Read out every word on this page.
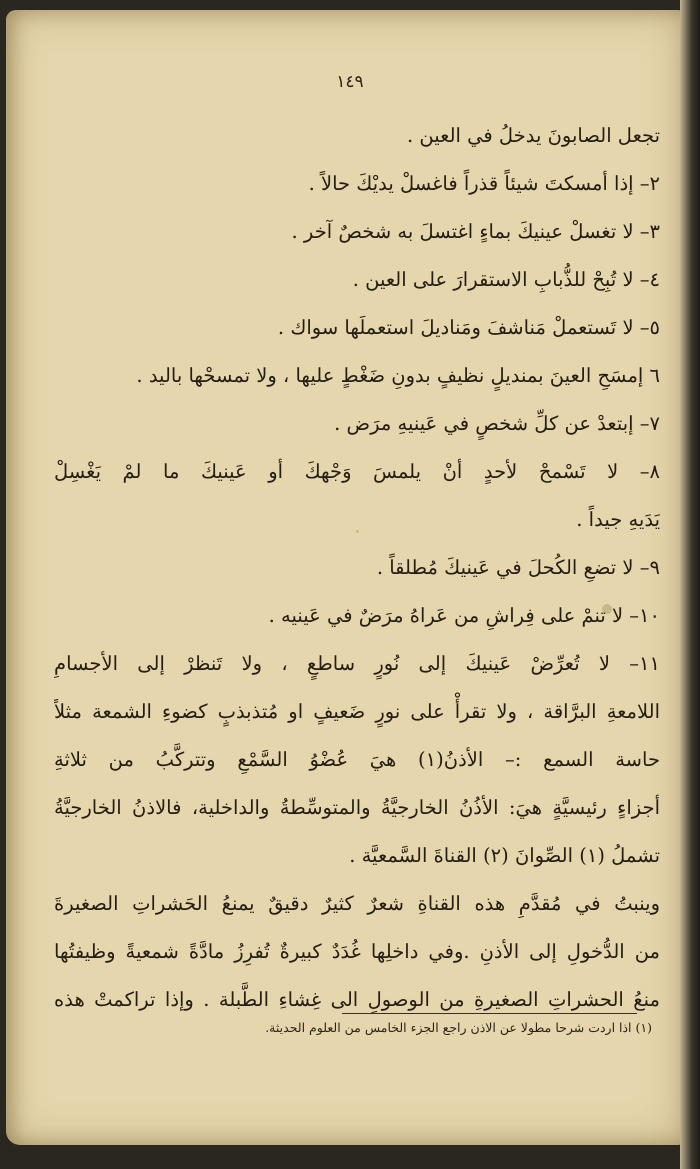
١٤٩
تجعل الصابونَ يدخلُ في العين .
٢– إذا أمسكتَ شيئاً قذراً فاغسلْ يديْكَ حالاً .
٣– لا تغسلْ عينيكَ بماءٍ اغتسلَ به شخصٌ آخر .
٤– لا تُبِحْ للذُّبابِ الاستقرارَ على العين .
٥– لا تَستعملْ مَناشفَ ومَناديلَ استعملَها سواك .
٦ إمسَحِ العينَ بمنديلٍ نظيفٍ بدونِ ضَغْطٍ عليها ، ولا تمسحْها باليد .
٧– إبتعدْ عن كلِّ شخصٍ في عَينيهِ مرَض .
٨– لا تَسْمحْ لأحدٍ أنْ يلمسَ وَجْهكَ أو عَينيكَ ما لمْ يَغْسِلْ
يَدَيهِ جيداً .
٩– لا تضعِ الكُحلَ في عَينيكَ مُطلقاً .
١٠– لا تنمْ على فِراشِ من عَراهُ مرَضٌ في عَينيه .
١١– لا تُعرِّضْ عَينيكَ إلى نُورٍ ساطعٍ ، ولا تَنظرْ إلى الأجسامِ
اللامعةِ البرَّاقة ، ولا تقرأْ على نورٍ ضَعيفٍ او مُتذبذبٍ كضوءِ الشمعة مثلاً
حاسة السمع :– الأذنُ(١) هيَ عُضْوُ السَّمْعِ وتتركَّبُ من ثلاثةِ
أجزاءٍ رئيسيَّةٍ هيَ: الأذُنُ الخارجيَّةُ والمتوسِّطةُ والداخلية، فالاذنُ الخارجيَّةُ
تشملُ (١) الصِّوانَ (٢) القناةَ السَّمعيَّة .
وينبتُ في مُقدَّمِ هذه القناةِ شعرٌ كثيرٌ دقيقٌ يمنعُ الحَشراتِ الصغيرةَ
من الدُّخولِ إلى الأذنِ .وفي داخلِها غُدَدٌ كبيرةٌ تُفرِزُ مادَّةً شمعيةً وظيفتُها
منعُ الحشراتِ الصغيرةِ من الوصولِ الى غِشاءِ الطَّبلة . وإذا تراكمتْ هذه
(١) اذا اردت شرحا مطولا عن الاذن راجع الجزء الخامس من العلوم الحديثة.
